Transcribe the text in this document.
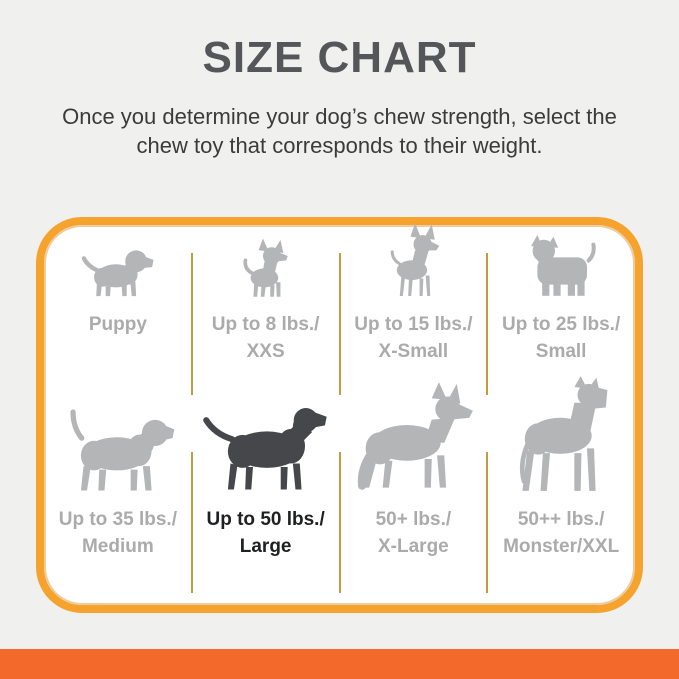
SIZE CHART
Once you determine your dog’s chew strength, select the
chew toy that corresponds to their weight.
Puppy	Up to 8 lbs./
XXS
Up to 15 lbs./
X-Small
Up to 25 lbs./
Small
Up to 35 lbs./
Medium
Up to 50 lbs./
Large
50+ lbs./
X-Large
50++ lbs./
Monster/XXL
